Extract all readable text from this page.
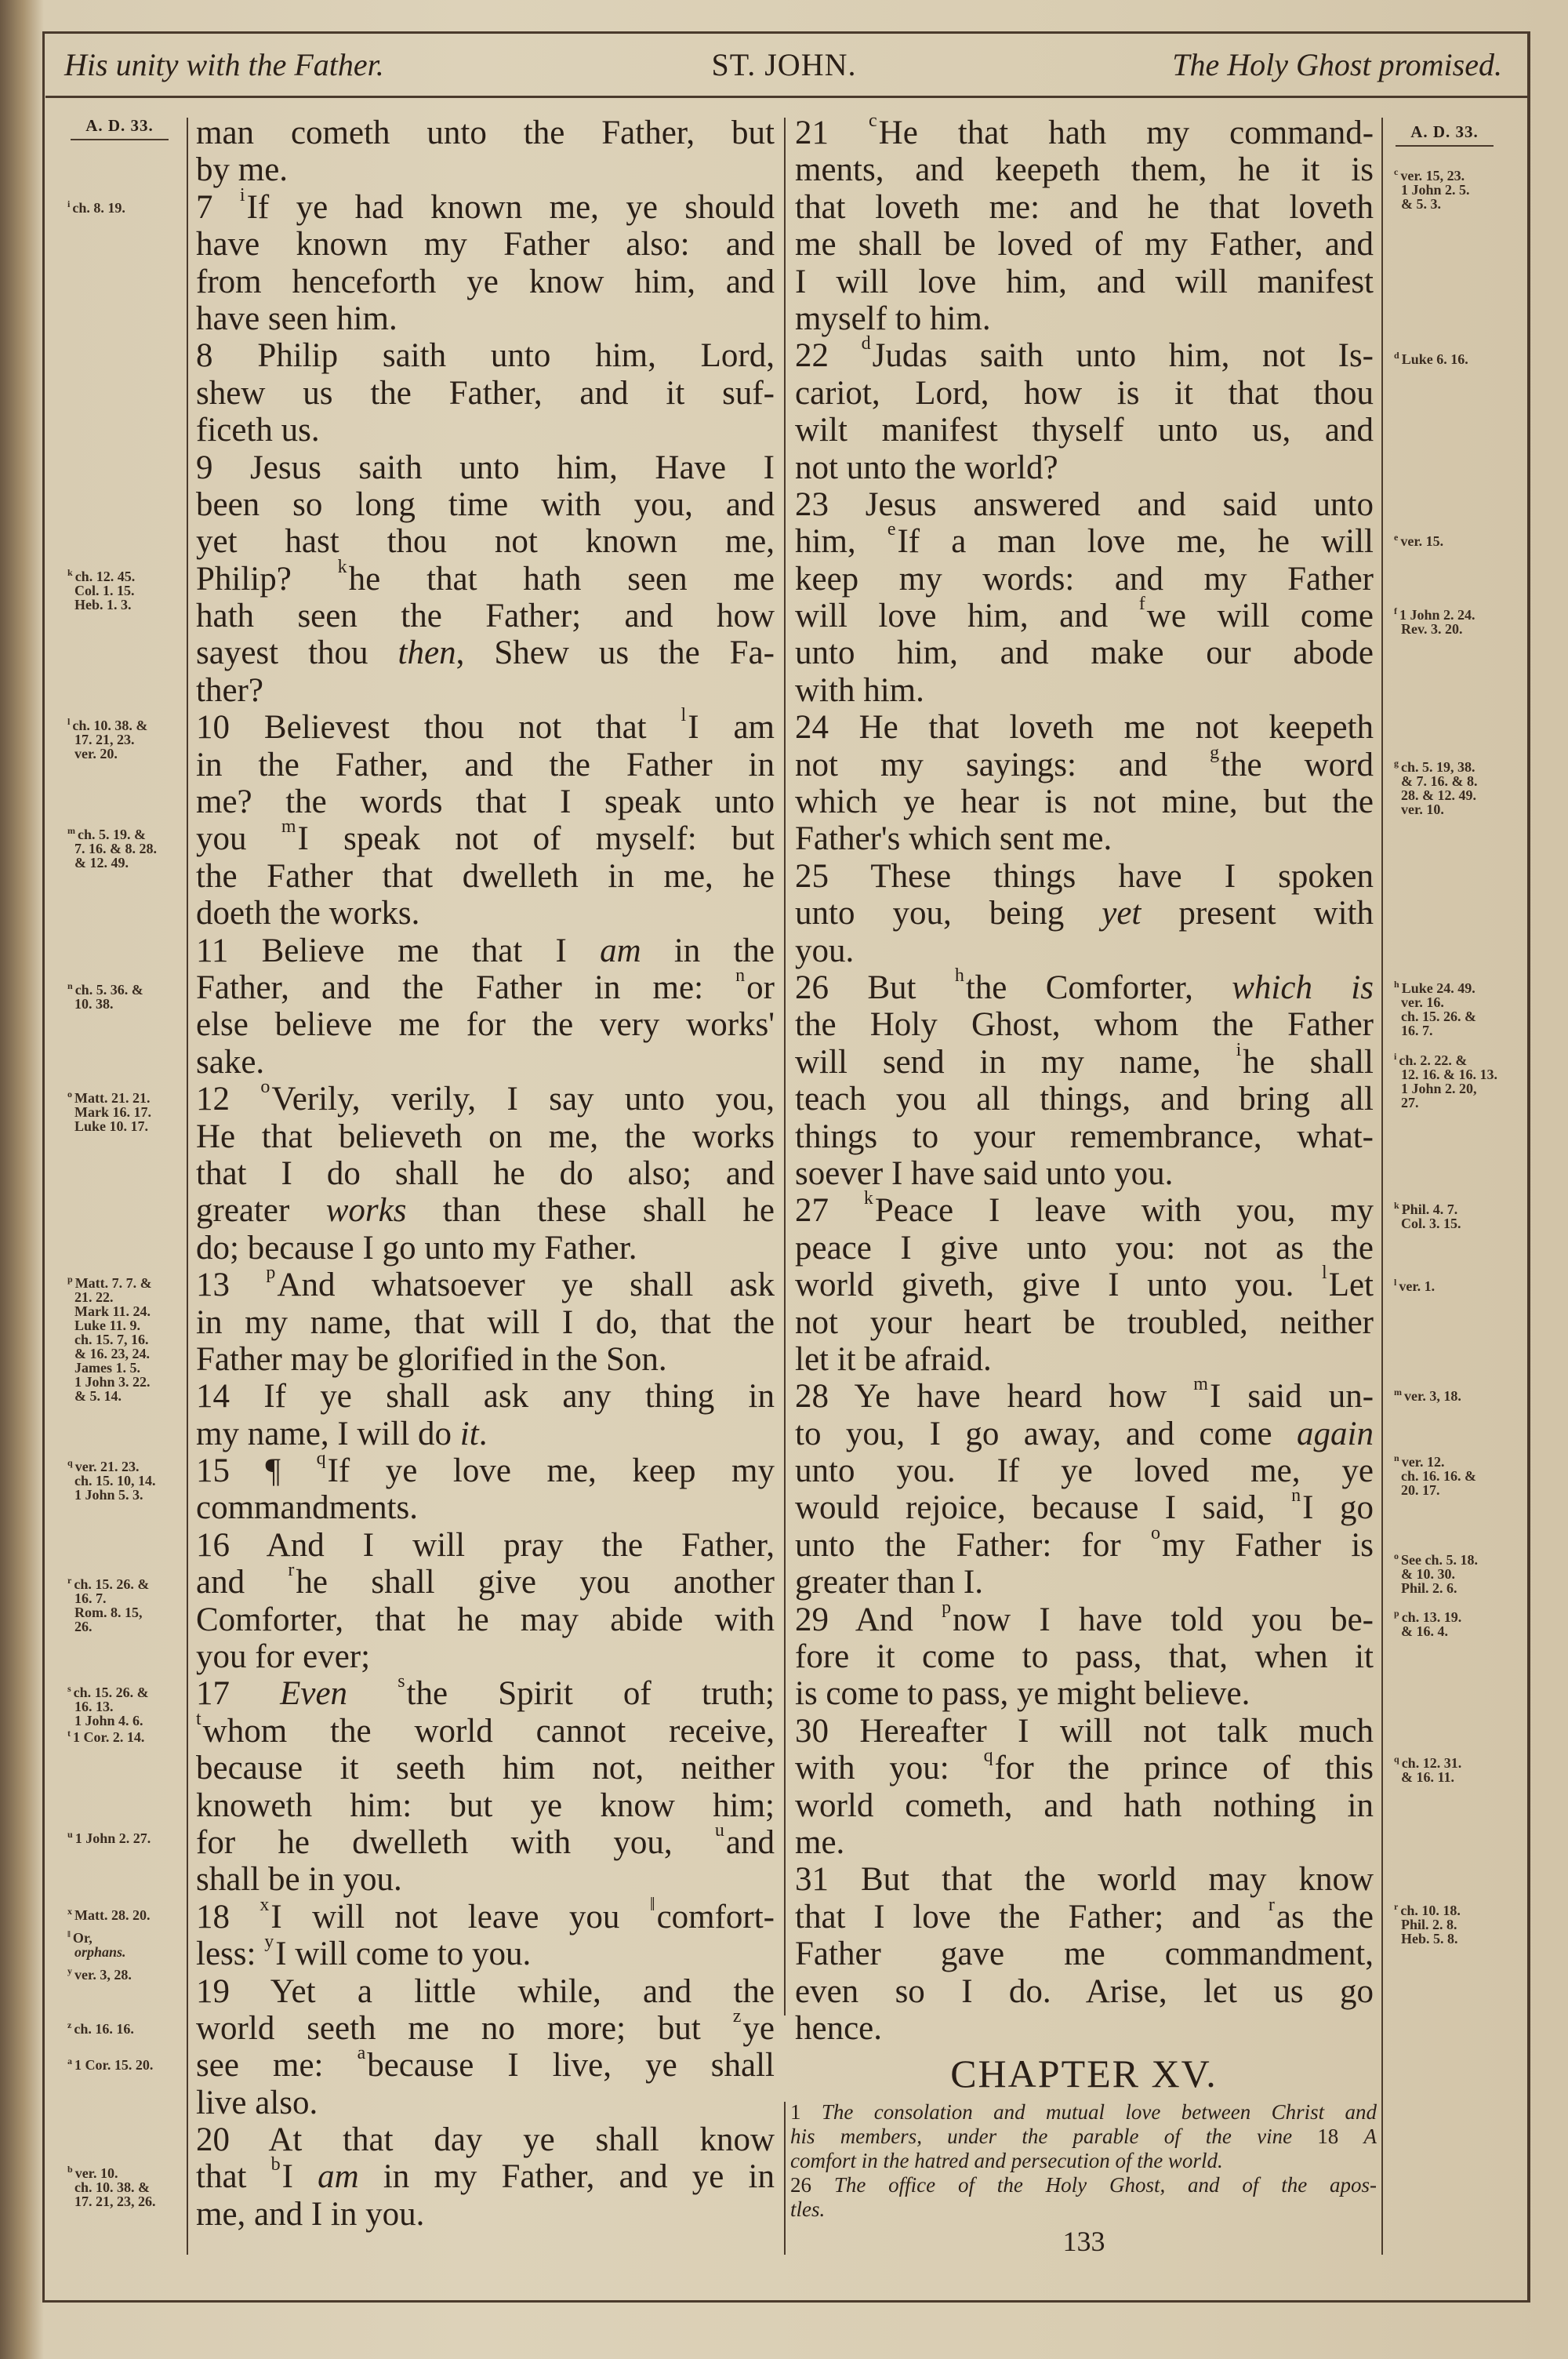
His unity with the Father.	ST. JOHN.	The Holy Ghost promised.
A. D. 33.	A. D. 33.
$^i$ ch. 8. 19.
$^k$ ch. 12. 45.
Col. 1. 15.
Heb. 1. 3.
$^l$ ch. 10. 38. &
17. 21, 23.
ver. 20.
$^m$ ch. 5. 19. &
7. 16. & 8. 28.
& 12. 49.
$^n$ ch. 5. 36. &
10. 38.
$^o$ Matt. 21. 21.
Mark 16. 17.
Luke 10. 17.
$^p$ Matt. 7. 7. &
21. 22.
Mark 11. 24.
Luke 11. 9.
ch. 15. 7, 16.
& 16. 23, 24.
James 1. 5.
1 John 3. 22.
& 5. 14.
$^q$ ver. 21. 23.
ch. 15. 10, 14.
1 John 5. 3.
$^r$ ch. 15. 26. &
16. 7.
Rom. 8. 15,
26.
$^s$ ch. 15. 26. &
16. 13.
1 John 4. 6.
$^t$ 1 Cor. 2. 14.
$^u$ 1 John 2. 27.
$^x$ Matt. 28. 20.
‖ Or,
orphans.
$^y$ ver. 3, 28.
$^z$ ch. 16. 16.
$^a$ 1 Cor. 15. 20.
$^b$ ver. 10.
ch. 10. 38. &
17. 21, 23, 26.
$^c$ ver. 15, 23.
1 John 2. 5.
& 5. 3.
$^d$ Luke 6. 16.
$^e$ ver. 15.
$^f$ 1 John 2. 24.
Rev. 3. 20.
$^g$ ch. 5. 19, 38.
& 7. 16. & 8.
28. & 12. 49.
ver. 10.
$^h$ Luke 24. 49.
ver. 16.
ch. 15. 26. &
16. 7.
$^i$ ch. 2. 22. &
12. 16. & 16. 13.
1 John 2. 20,
27.
$^k$ Phil. 4. 7.
Col. 3. 15.
$^l$ ver. 1.
$^m$ ver. 3, 18.
$^n$ ver. 12.
ch. 16. 16. &
20. 17.
$^o$ See ch. 5. 18.
& 10. 30.
Phil. 2. 6.
$^p$ ch. 13. 19.
& 16. 4.
$^q$ ch. 12. 31.
& 16. 11.
$^r$ ch. 10. 18.
Phil. 2. 8.
Heb. 5. 8.
man cometh unto the Father, but
by me.
7 $^i$If ye had known me, ye should
have known my Father also: and
from henceforth ye know him, and
have seen him.
8 Philip saith unto him, Lord,
shew us the Father, and it suf-
ficeth us.
9 Jesus saith unto him, Have I
been so long time with you, and
yet hast thou not known me,
Philip? $^k$he that hath seen me
hath seen the Father; and how
sayest thou then, Shew us the Fa-
ther?
10 Believest thou not that $^l$I am
in the Father, and the Father in
me? the words that I speak unto
you $^m$I speak not of myself: but
the Father that dwelleth in me, he
doeth the works.
11 Believe me that I am in the
Father, and the Father in me: $^n$or
else believe me for the very works'
sake.
12 $^o$Verily, verily, I say unto you,
He that believeth on me, the works
that I do shall he do also; and
greater works than these shall he
do; because I go unto my Father.
13 $^p$And whatsoever ye shall ask
in my name, that will I do, that the
Father may be glorified in the Son.
14 If ye shall ask any thing in
my name, I will do it.
15 ¶ $^q$If ye love me, keep my
commandments.
16 And I will pray the Father,
and $^r$he shall give you another
Comforter, that he may abide with
you for ever;
17 Even	$^s$the Spirit of truth;
$^t$whom the world cannot receive,
because it seeth him not, neither
knoweth him: but ye know him;
for he dwelleth with you, $^u$and
shall be in you.
18 $^x$I will not leave you ‖comfort-
less: $^y$I will come to you.
19 Yet a little while, and the
world seeth me no more; but $^z$ye
see me: $^a$because I live, ye shall
live also.
20 At that day ye shall know
that $^b$I am in my Father, and ye in
me, and I in you.
21 $^c$He that hath my command-
ments, and keepeth them, he it is
that loveth me: and he that loveth
me shall be loved of my Father, and
I will love him, and will manifest
myself to him.
22 $^d$Judas saith unto him, not Is-
cariot, Lord, how is it that thou
wilt manifest thyself unto us, and
not unto the world?
23 Jesus answered and said unto
him, $^e$If a man love me, he will
keep my words: and my Father
will love him, and $^f$we will come
unto him, and make our abode
with him.
24 He that loveth me not keepeth
not my sayings: and $^g$the word
which ye hear is not mine, but the
Father's which sent me.
25 These things have I spoken
unto you, being yet present with
you.
26 But $^h$the Comforter, which is
the Holy Ghost, whom the Father
will send in my name, $^i$he shall
teach you all things, and bring all
things to your remembrance, what-
soever I have said unto you.
27 $^k$Peace I leave with you, my
peace I give unto you: not as the
world giveth, give I unto you. $^l$Let
not your heart be troubled, neither
let it be afraid.
28 Ye have heard how $^m$I said un-
to you, I go away, and come again
unto you. If ye loved me, ye
would rejoice, because I said, $^n$I go
unto the Father: for $^o$my Father is
greater than I.
29 And $^p$now I have told you be-
fore it come to pass, that, when it
is come to pass, ye might believe.
30 Hereafter I will not talk much
with you: $^q$for the prince of this
world cometh, and hath nothing in
me.
31 But that the world may know
that I love the Father; and $^r$as the
Father gave me commandment,
even so I do. Arise, let us go
hence.
CHAPTER XV.
1 The consolation and mutual love between Christ and
his members, under the parable of the vine 18 A
comfort in the hatred and persecution of the world.
26 The office of the Holy Ghost, and of the apos-
tles.
133
